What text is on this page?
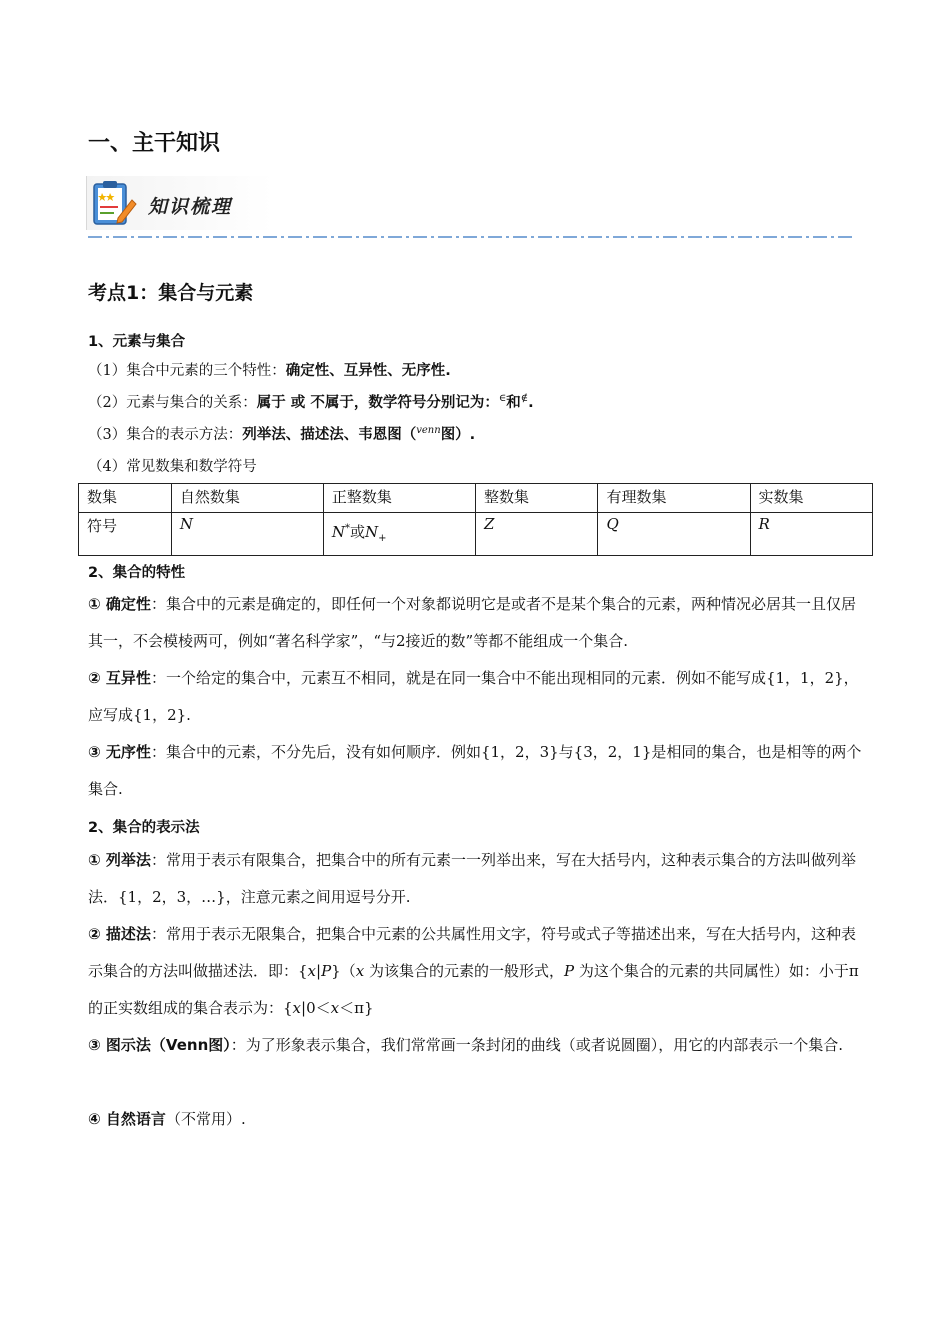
一、主干知识
知识梳理
考点1：集合与元素
1、元素与集合
（1）集合中元素的三个特性：确定性、互异性、无序性.
（2）元素与集合的关系：属于 或 不属于，数学符号分别记为：∈和∉.
（3）集合的表示方法：列举法、描述法、韦恩图（$^{venn}$图）.
（4）常见数集和数学符号
数集	自然数集	正整数集	整数集	有理数集	实数集
符号	N	N*或$N_+$	Z	Q	R
2、集合的特性

① 确定性：集合中的元素是确定的，即任何一个对象都说明它是或者不是某个集合的元素，两种情况必居其一且仅居其一，不会模棱两可，例如“著名科学家”，“与2接近的数”等都不能组成一个集合.

② 互异性：一个给定的集合中，元素互不相同，就是在同一集合中不能出现相同的元素．例如不能写成{1，1，2}，应写成{1，2}.

③ 无序性：集合中的元素，不分先后，没有如何顺序．例如{1，2，3}与{3，2，1}是相同的集合，也是相等的两个集合.

2、集合的表示法

① 列举法：常用于表示有限集合，把集合中的所有元素一一列举出来，写在大括号内，这种表示集合的方法叫做列举法．{1，2，3，…}，注意元素之间用逗号分开.

② 描述法：常用于表示无限集合，把集合中元素的公共属性用文字，符号或式子等描述出来，写在大括号内，这种表示集合的方法叫做描述法．即：{x|P}（x 为该集合的元素的一般形式，P 为这个集合的元素的共同属性）如：小于π的正实数组成的集合表示为：{x|0＜x＜π}

③ 图示法（Venn图）：为了形象表示集合，我们常常画一条封闭的曲线（或者说圆圈），用它的内部表示一个集合.

④ 自然语言（不常用）.
